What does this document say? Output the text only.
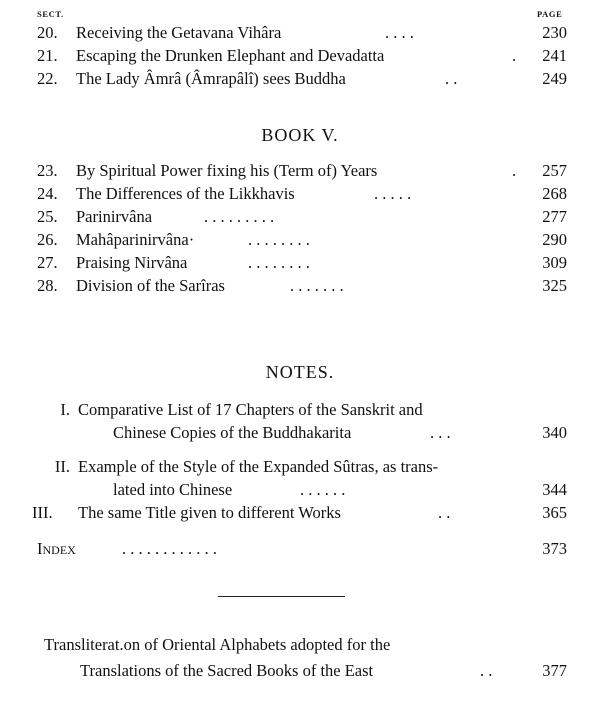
SECT.	PAGE
20. Receiving the Getavana Vihâra	. . . .	230
21. Escaping the Drunken Elephant and Devadatta	. 241
22. The Lady Âmrâ (Âmrapâlî) sees Buddha	. .	249
BOOK V.
23. By Spiritual Power fixing his (Term of) Years	. 257
24. The Differences of the Likkhavis	. . . . .	268
25. Parinirvâna	. . . . . . . . .	277
26. Mahâparinirvâna·	. . . . . . . .	290
27. Praising Nirvâna	. . . . . . . .	309
28. Division of the Sarîras	. . . . . . .	325
NOTES.
I. Comparative List of 17 Chapters of the Sanskrit and
Chinese Copies of the Buddhakarita	. . .	340
II. Example of the Style of the Expanded Sûtras, as trans-
lated into Chinese	. . . . . .	344
III. The same Title given to different Works	. .	365
Index	. . . . . . . . . . . .	373
Transliterat.on of Oriental Alphabets adopted for the
Translations of the Sacred Books of the East	. .	377
